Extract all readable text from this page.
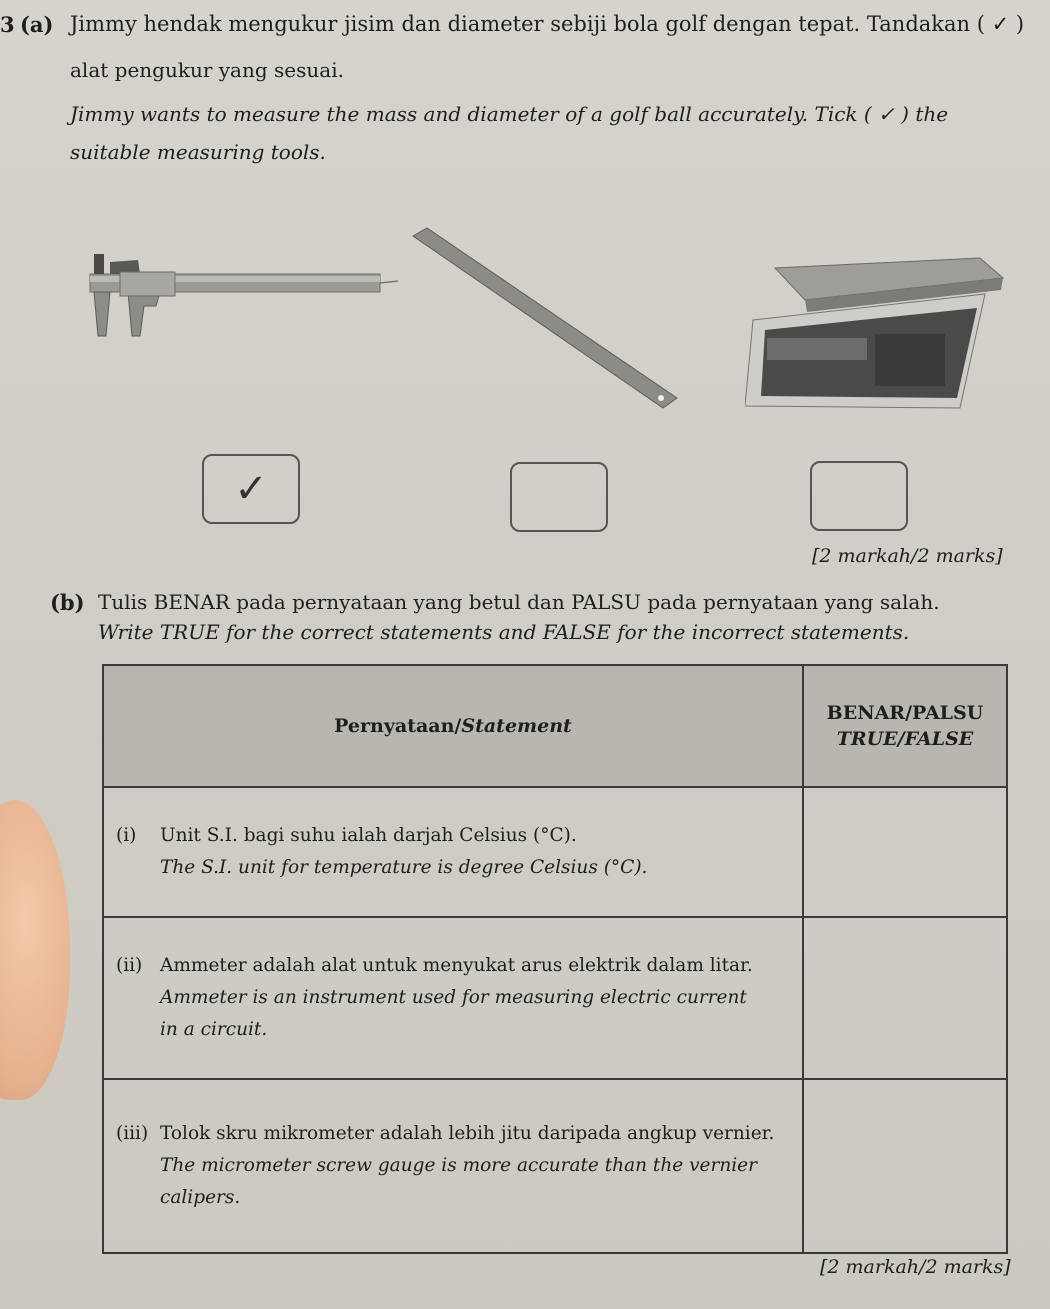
3 (a) Jimmy hendak mengukur jisim dan diameter sebiji bola golf dengan tepat. Tandakan ( ✓ )
alat pengukur yang sesuai.
Jimmy wants to measure the mass and diameter of a golf ball accurately. Tick ( ✓ ) the
suitable measuring tools.
✓
[2 markah/2 marks]
(b) Tulis BENAR pada pernyataan yang betul dan PALSU pada pernyataan yang salah.
Write TRUE for the correct statements and FALSE for the incorrect statements.
Pernyataan/Statement	BENAR/PALSU
TRUE/FALSE

(i) Unit S.I. bagi suhu ialah darjah Celsius (°C).
The S.I. unit for temperature is degree Celsius (°C).	

(ii) Ammeter adalah alat untuk menyukat arus elektrik dalam litar.
Ammeter is an instrument used for measuring electric current
in a circuit.	

(iii) Tolok skru mikrometer adalah lebih jitu daripada angkup vernier.
The micrometer screw gauge is more accurate than the vernier
calipers.	

[2 markah/2 marks]
